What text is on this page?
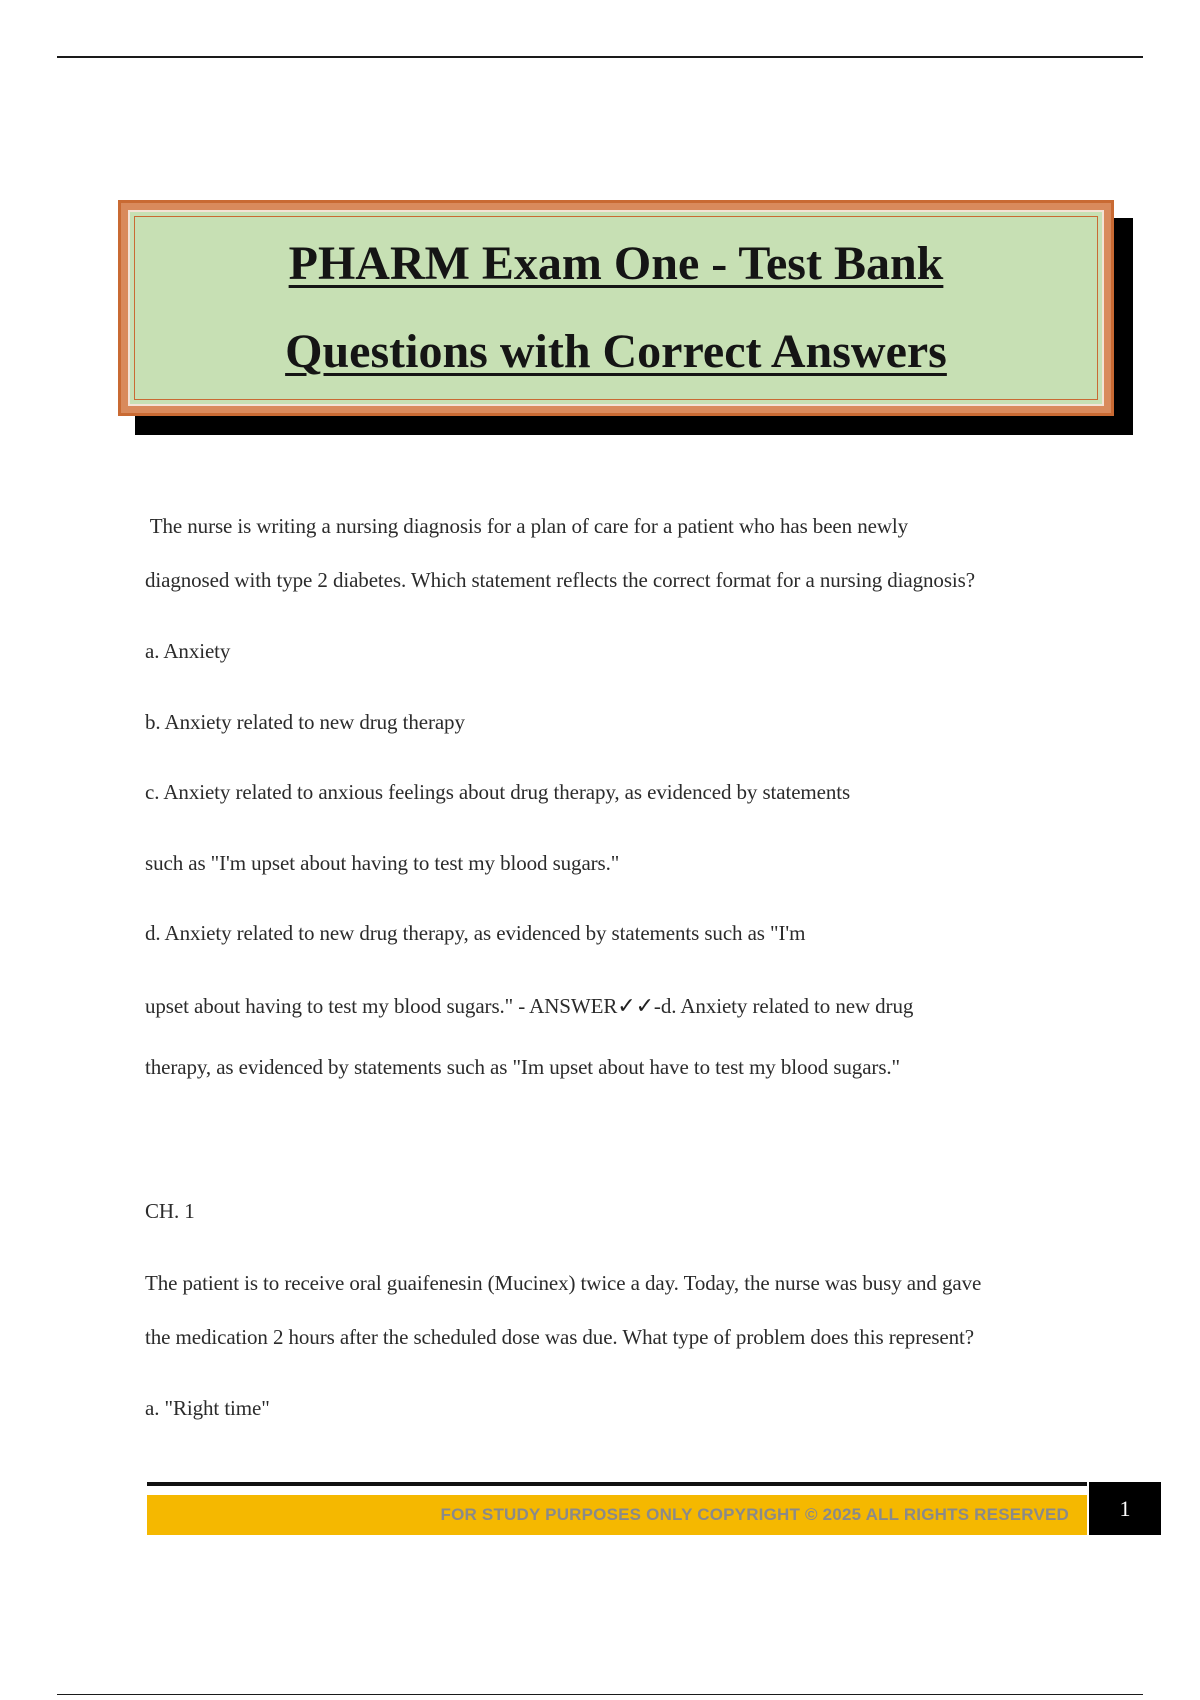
PHARM Exam One - Test Bank
Questions with Correct Answers
The nurse is writing a nursing diagnosis for a plan of care for a patient who has been newly
diagnosed with type 2 diabetes. Which statement reflects the correct format for a nursing diagnosis?
a. Anxiety
b. Anxiety related to new drug therapy
c. Anxiety related to anxious feelings about drug therapy, as evidenced by statements
such as "I'm upset about having to test my blood sugars."
d. Anxiety related to new drug therapy, as evidenced by statements such as "I'm
upset about having to test my blood sugars." - ANSWER✓✓-d. Anxiety related to new drug
therapy, as evidenced by statements such as "Im upset about have to test my blood sugars."
CH. 1
The patient is to receive oral guaifenesin (Mucinex) twice a day. Today, the nurse was busy and gave
the medication 2 hours after the scheduled dose was due. What type of problem does this represent?
a. "Right time"
FOR STUDY PURPOSES ONLY COPYRIGHT © 2025 ALL RIGHTS RESERVED 1
